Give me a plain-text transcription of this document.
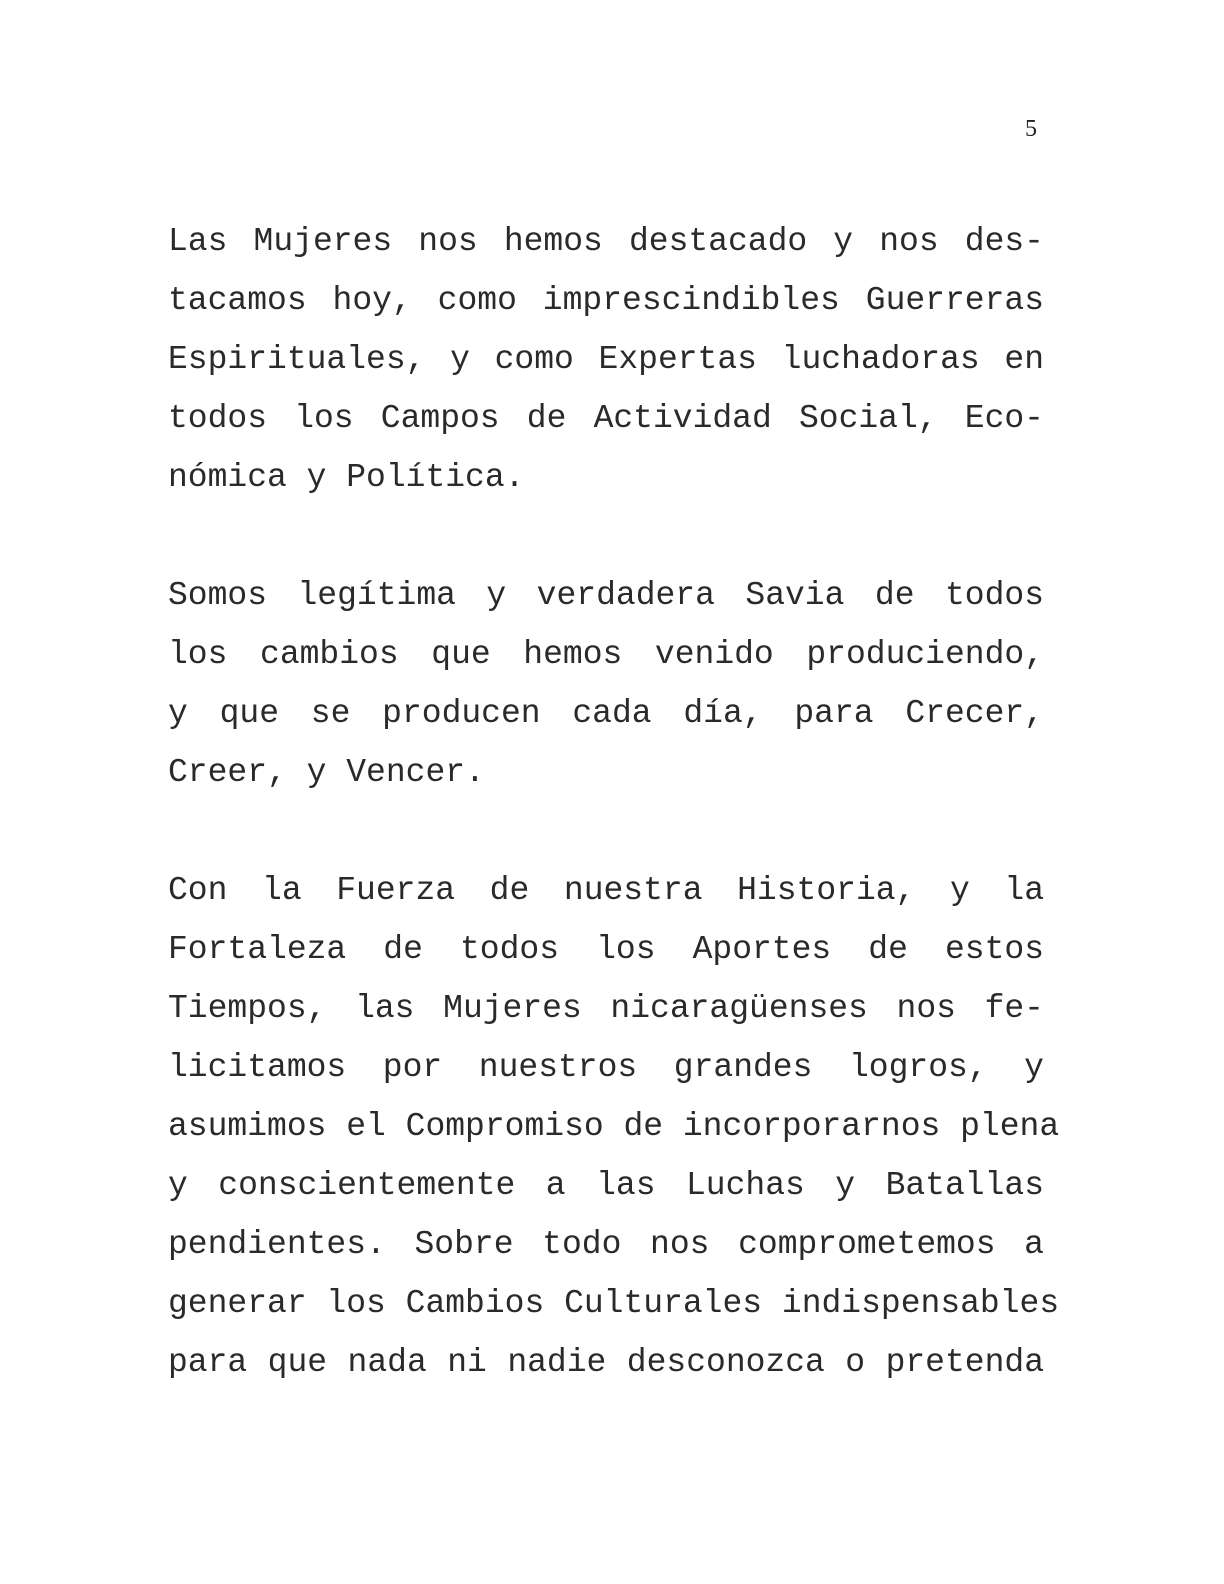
5
Las Mujeres nos hemos destacado y nos des-
tacamos hoy, como imprescindibles Guerreras
Espirituales, y como Expertas luchadoras en
todos los Campos de Actividad Social, Eco-
nómica y Política.
Somos legítima y verdadera Savia de todos
los cambios que hemos venido produciendo,
y que se producen cada día, para Crecer,
Creer, y Vencer.
Con la Fuerza de nuestra Historia, y la
Fortaleza de todos los Aportes de estos
Tiempos, las Mujeres nicaragüenses nos fe-
licitamos por nuestros grandes logros, y
asumimos el Compromiso de incorporarnos plena
y conscientemente a las Luchas y Batallas
pendientes. Sobre todo nos comprometemos a
generar los Cambios Culturales indispensables
para que nada ni nadie desconozca o pretenda
